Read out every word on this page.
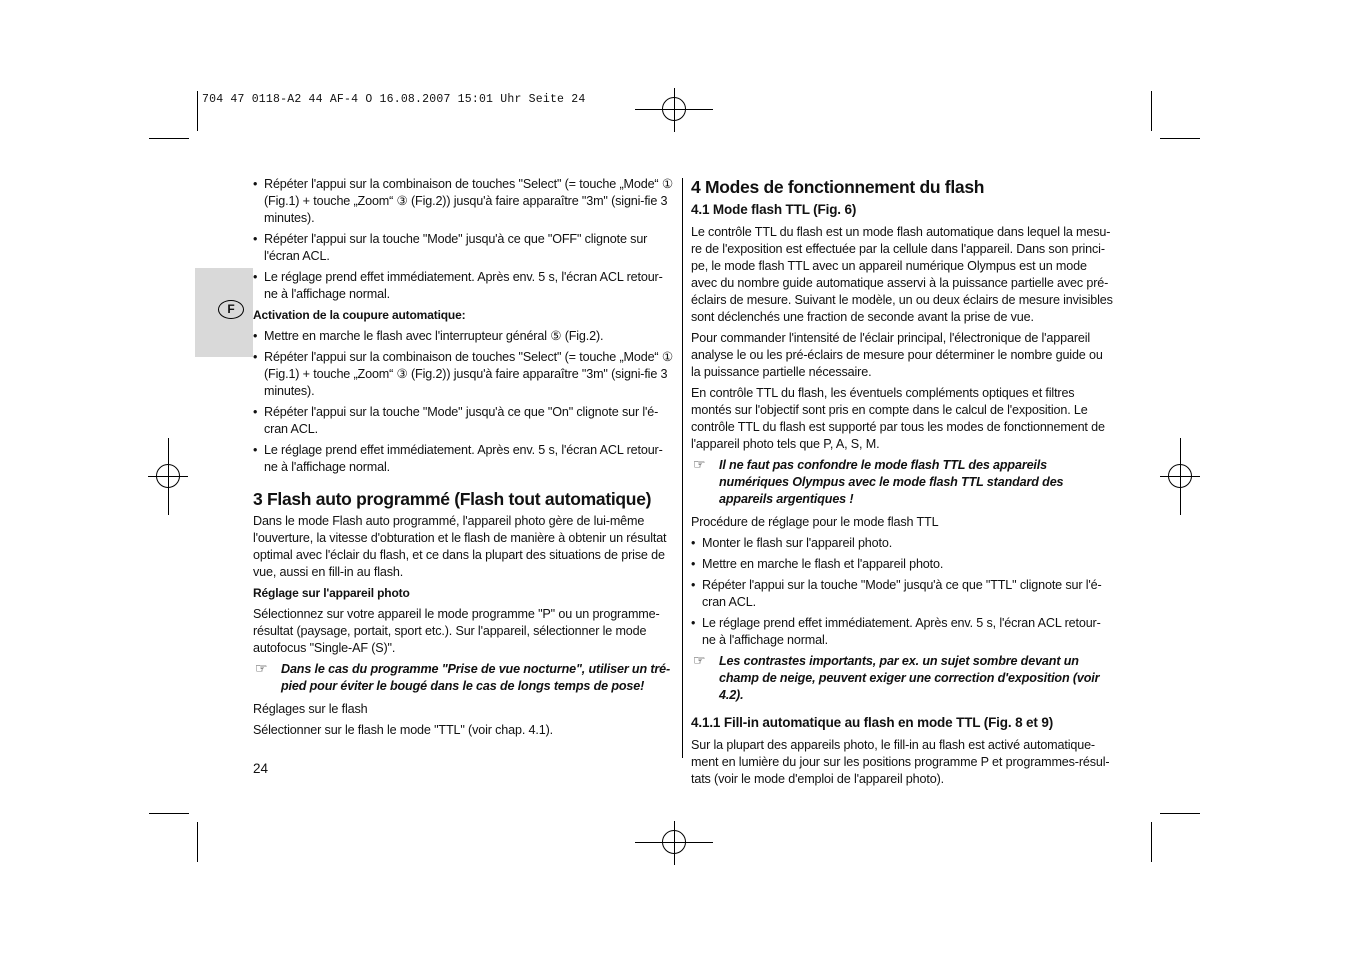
704 47 0118-A2 44 AF-4 O 16.08.2007 15:01 Uhr Seite 24
F
• Répéter l'appui sur la combinaison de touches "Select" (= touche „Mode“ ① (Fig.1) + touche „Zoom“ ③ (Fig.2)) jusqu'à faire apparaître "3m" (signi-fie 3 minutes).
• Répéter l'appui sur la touche "Mode" jusqu'à ce que "OFF" clignote sur l'écran ACL.
• Le réglage prend effet immédiatement. Après env. 5 s, l'écran ACL retour-ne à l'affichage normal.
Activation de la coupure automatique:
• Mettre en marche le flash avec l'interrupteur général ⑤ (Fig.2).
• Répéter l'appui sur la combinaison de touches "Select" (= touche „Mode“ ① (Fig.1) + touche „Zoom“ ③ (Fig.2)) jusqu'à faire apparaître "3m" (signi-fie 3 minutes).
• Répéter l'appui sur la touche "Mode" jusqu'à ce que "On" clignote sur l'é-cran ACL.
• Le réglage prend effet immédiatement. Après env. 5 s, l'écran ACL retour-ne à l'affichage normal.
3 Flash auto programmé (Flash tout automatique)

Dans le mode Flash auto programmé, l'appareil photo gère de lui-même l'ouverture, la vitesse d'obturation et le flash de manière à obtenir un résultat optimal avec l'éclair du flash, et ce dans la plupart des situations de prise de vue, aussi en fill-in au flash.

Réglage sur l'appareil photo

Sélectionnez sur votre appareil le mode programme "P" ou un programme-résultat (paysage, portait, sport etc.). Sur l'appareil, sélectionner le mode autofocus "Single-AF (S)".

☞ Dans le cas du programme "Prise de vue nocturne", utiliser un tré-pied pour éviter le bougé dans le cas de longs temps de pose!

Réglages sur le flash

Sélectionner sur le flash le mode "TTL" (voir chap. 4.1).

24
4 Modes de fonctionnement du flash
4.1 Mode flash TTL (Fig. 6)

Le contrôle TTL du flash est un mode flash automatique dans lequel la mesu-re de l'exposition est effectuée par la cellule dans l'appareil. Dans son princi-pe, le mode flash TTL avec un appareil numérique Olympus est un mode avec du nombre guide automatique asservi à la puissance partielle avec pré-éclairs de mesure. Suivant le modèle, un ou deux éclairs de mesure invisibles sont déclenchés une fraction de seconde avant la prise de vue.

Pour commander l'intensité de l'éclair principal, l'électronique de l'appareil analyse le ou les pré-éclairs de mesure pour déterminer le nombre guide ou la puissance partielle nécessaire.

En contrôle TTL du flash, les éventuels compléments optiques et filtres montés sur l'objectif sont pris en compte dans le calcul de l'exposition. Le contrôle TTL du flash est supporté par tous les modes de fonctionnement de l'appareil photo tels que P, A, S, M.

☞ Il ne faut pas confondre le mode flash TTL des appareils numériques Olympus avec le mode flash TTL standard des appareils argentiques !

Procédure de réglage pour le mode flash TTL

• Monter le flash sur l'appareil photo.
• Mettre en marche le flash et l'appareil photo.
• Répéter l'appui sur la touche "Mode" jusqu'à ce que "TTL" clignote sur l'é-cran ACL.
• Le réglage prend effet immédiatement. Après env. 5 s, l'écran ACL retour-ne à l'affichage normal.
☞ Les contrastes importants, par ex. un sujet sombre devant un champ de neige, peuvent exiger une correction d'exposition (voir 4.2).
4.1.1 Fill-in automatique au flash en mode TTL (Fig. 8 et 9)

Sur la plupart des appareils photo, le fill-in au flash est activé automatique-ment en lumière du jour sur les positions programme P et programmes-résul-tats (voir le mode d'emploi de l'appareil photo).
